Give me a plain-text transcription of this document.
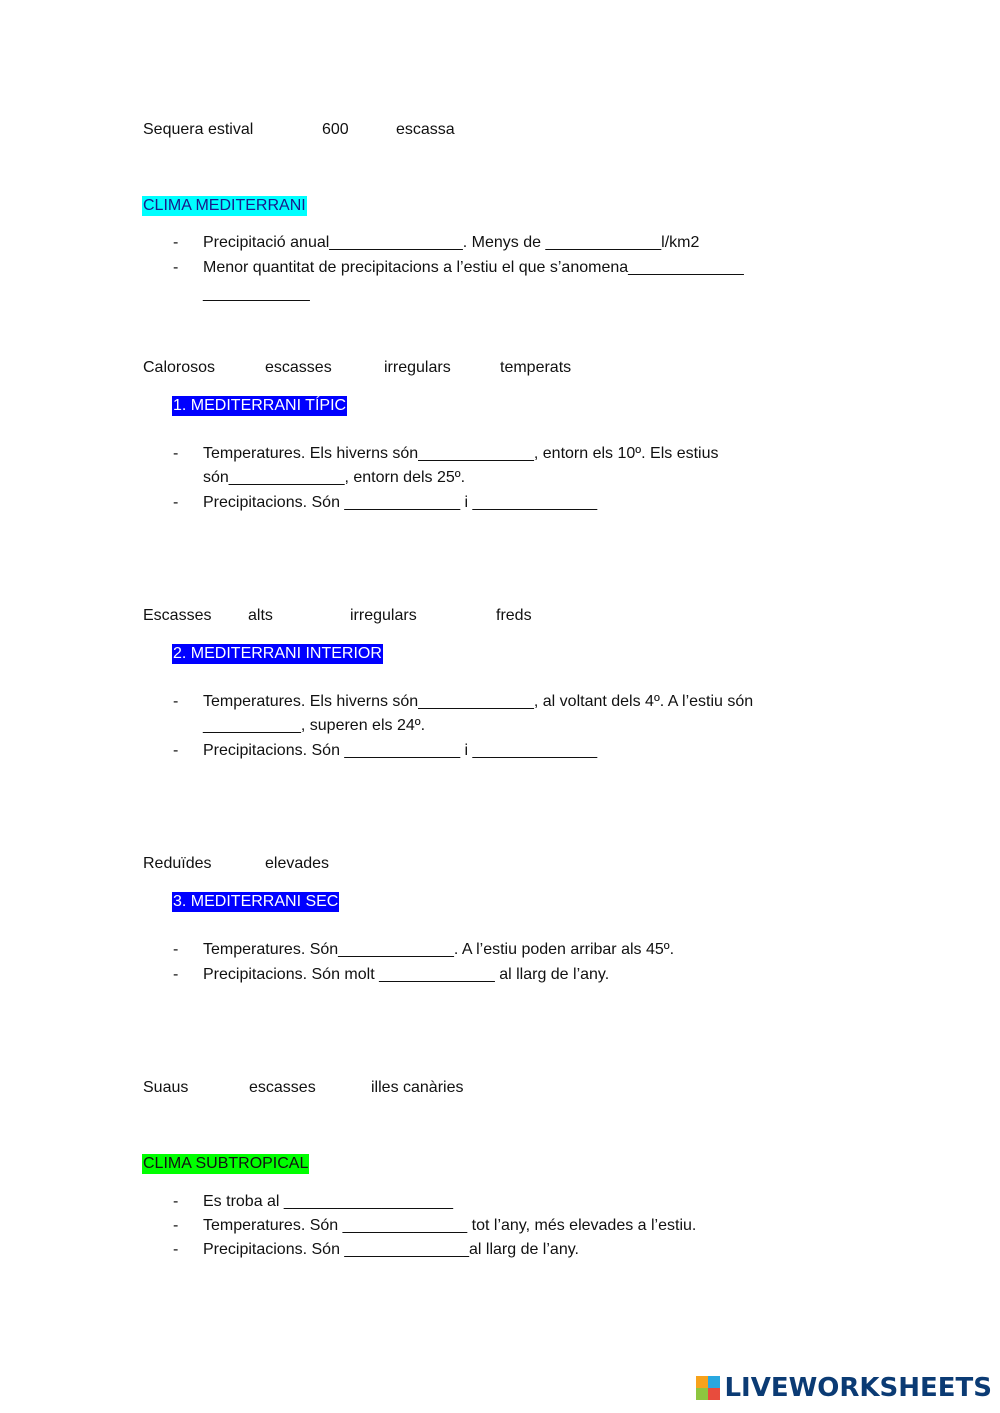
Sequera estival	600	escassa
CLIMA MEDITERRANI
- Precipitació anual_______________. Menys de _____________l/km2
- Menor quantitat de precipitacions a l’estiu el que s’anomena_____________
____________
Calorosos	escasses	irregulars	temperats
1. MEDITERRANI TÍPIC
- Temperatures. Els hiverns són_____________, entorn els 10º. Els estius
són_____________, entorn dels 25º.
- Precipitacions. Són _____________ i ______________
Escasses alts	irregulars	freds
2. MEDITERRANI INTERIOR
- Temperatures. Els hiverns són_____________, al voltant dels 4º. A l’estiu són
___________, superen els 24º.
- Precipitacions. Són _____________ i ______________
Reduïdes	elevades
3. MEDITERRANI SEC
- Temperatures. Són_____________. A l’estiu poden arribar als 45º.
- Precipitacions. Són molt _____________ al llarg de l’any.
Suaus	escasses	illes canàries
CLIMA SUBTROPICAL
- Es troba al ___________________
- Temperatures. Són ______________ tot l’any, més elevades a l’estiu.
- Precipitacions. Són ______________al llarg de l’any.
LIVEWORKSHEETS
